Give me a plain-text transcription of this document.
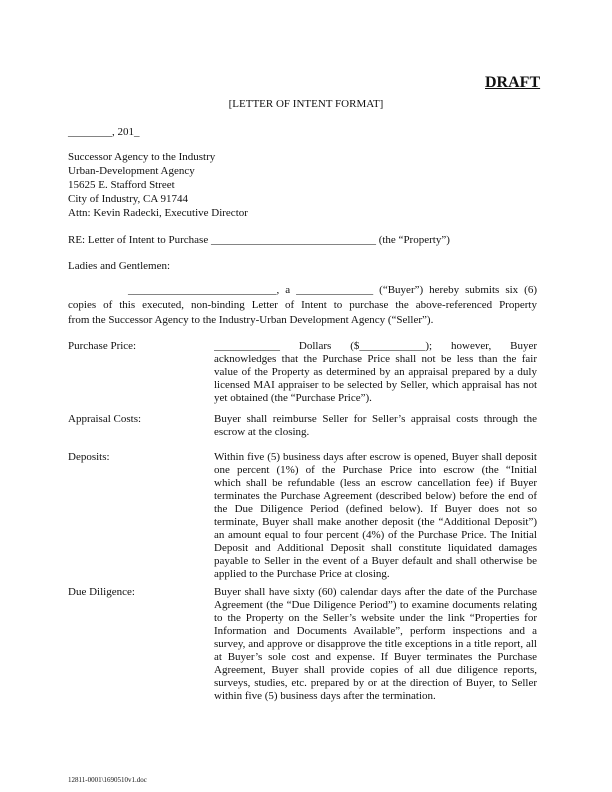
DRAFT
[LETTER OF INTENT FORMAT]
________, 201_
Successor Agency to the Industry
Urban-Development Agency
15625 E. Stafford Street
City of Industry, CA 91744
Attn: Kevin Radecki, Executive Director
RE: Letter of Intent to Purchase ______________________________ (the “Property”)
Ladies and Gentlemen:
___________________________, a ______________ (“Buyer”) hereby submits six (6)
copies of this executed, non-binding Letter of Intent to purchase the above-referenced Property
from the Successor Agency to the Industry-Urban Development Agency (“Seller”).
Purchase Price:	____________ Dollars ($____________); however, Buyer
acknowledges that the Purchase Price shall not be less than the fair
value of the Property as determined by an appraisal prepared by a duly
licensed MAI appraiser to be selected by Seller, which appraisal has not
yet obtained (the “Purchase Price”).
Appraisal Costs:	Buyer shall reimburse Seller for Seller’s appraisal costs through the
escrow at the closing.
Deposits:	Within five (5) business days after escrow is opened, Buyer shall deposit
one percent (1%) of the Purchase Price into escrow (the “Initial
which shall be refundable (less an escrow cancellation fee) if Buyer
terminates the Purchase Agreement (described below) before the end of
the Due Diligence Period (defined below). If Buyer does not so
terminate, Buyer shall make another deposit (the “Additional Deposit”)
an amount equal to four percent (4%) of the Purchase Price. The Initial
Deposit and Additional Deposit shall constitute liquidated damages
payable to Seller in the event of a Buyer default and shall otherwise be
applied to the Purchase Price at closing.
Due Diligence:	Buyer shall have sixty (60) calendar days after the date of the Purchase
Agreement (the “Due Diligence Period”) to examine documents relating
to the Property on the Seller’s website under the link “Properties for
Information and Documents Available”, perform inspections and a
survey, and approve or disapprove the title exceptions in a title report, all
at Buyer’s sole cost and expense. If Buyer terminates the Purchase
Agreement, Buyer shall provide copies of all due diligence reports,
surveys, studies, etc. prepared by or at the direction of Buyer, to Seller
within five (5) business days after the termination.
12811-0001\1690510v1.doc
